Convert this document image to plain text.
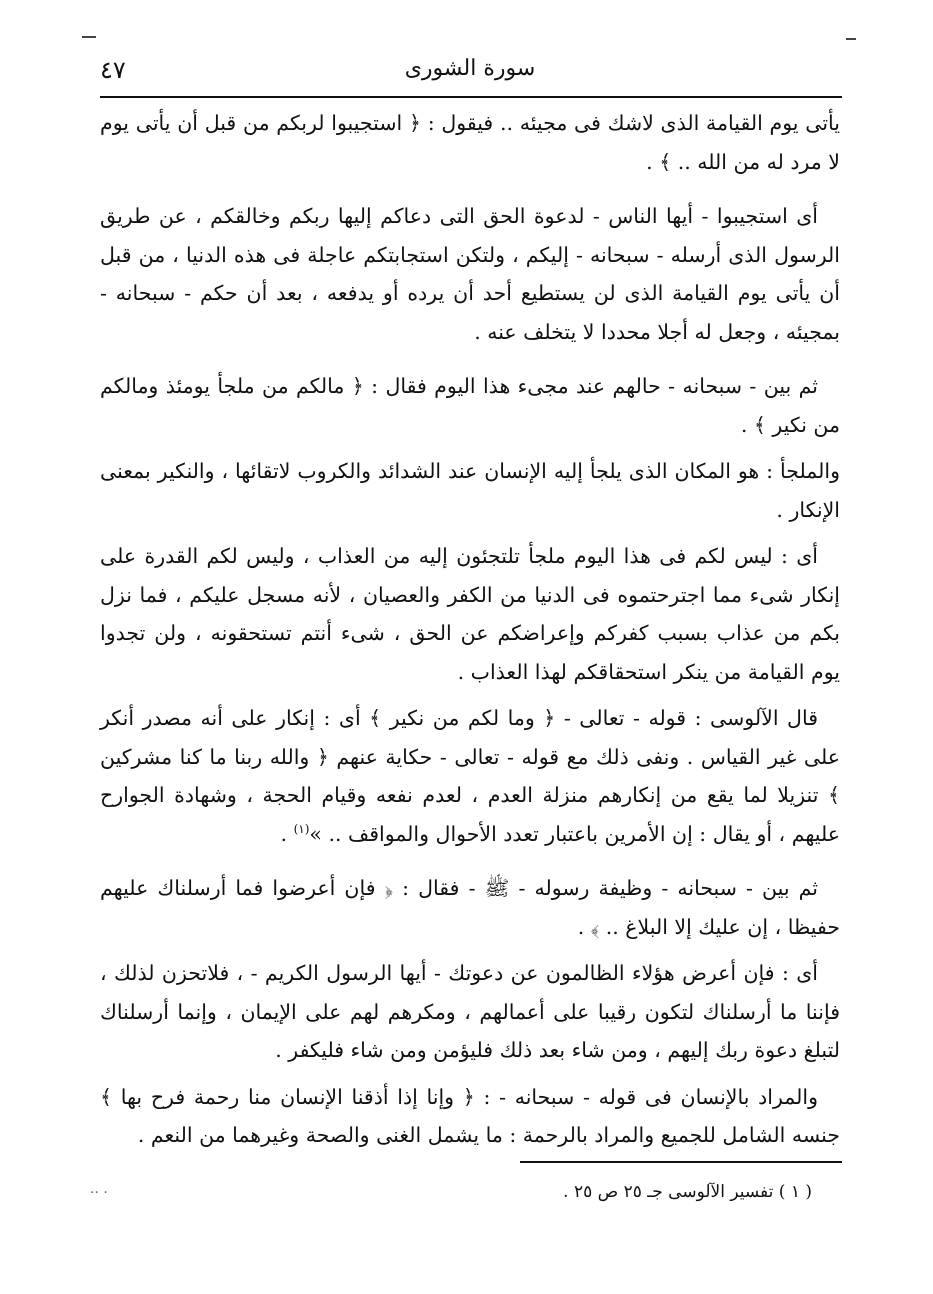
سورة الشورى
٤٧

يأتى يوم القيامة الذى لاشك فى مجيئه .. فيقول : ﴿ استجيبوا لربكم من قبل أن يأتى يوم لا مرد له من الله .. ﴾ .

أى استجيبوا - أيها الناس - لدعوة الحق التى دعاكم إليها ربكم وخالقكم ، عن طريق الرسول الذى أرسله - سبحانه - إليكم ، ولتكن استجابتكم عاجلة فى هذه الدنيا ، من قبل أن يأتى يوم القيامة الذى لن يستطيع أحد أن يرده أو يدفعه ، بعد أن حكم - سبحانه - بمجيئه ، وجعل له أجلا محددا لا يتخلف عنه .

ثم بين - سبحانه - حالهم عند مجىء هذا اليوم فقال : ﴿ مالكم من ملجأ يومئذ ومالكم من نكير ﴾ .

والملجأ : هو المكان الذى يلجأ إليه الإنسان عند الشدائد والكروب لاتقائها ، والنكير بمعنى الإنكار .

أى : ليس لكم فى هذا اليوم ملجأ تلتجئون إليه من العذاب ، وليس لكم القدرة على إنكار شىء مما اجترحتموه فى الدنيا من الكفر والعصيان ، لأنه مسجل عليكم ، فما نزل بكم من عذاب بسبب كفركم وإعراضكم عن الحق ، شىء أنتم تستحقونه ، ولن تجدوا يوم القيامة من ينكر استحقاقكم لهذا العذاب .

قال الآلوسى : قوله - تعالى - ﴿ وما لكم من نكير ﴾ أى : إنكار على أنه مصدر أنكر على غير القياس . ونفى ذلك مع قوله - تعالى - حكاية عنهم ﴿ والله ربنا ما كنا مشركين ﴾ تنزيلا لما يقع من إنكارهم منزلة العدم ، لعدم نفعه وقيام الحجة ، وشهادة الجوارح عليهم ، أو يقال : إن الأمرين باعتبار تعدد الأحوال والمواقف .. »$^{(١)}$ .

ثم بين - سبحانه - وظيفة رسوله - ﷺ - فقال : ﴿ فإن أعرضوا فما أرسلناك عليهم حفيظا ، إن عليك إلا البلاغ .. ﴾ .

أى : فإن أعرض هؤلاء الظالمون عن دعوتك - أيها الرسول الكريم - ، فلاتحزن لذلك ، فإننا ما أرسلناك لتكون رقيبا على أعمالهم ، ومكرهم لهم على الإيمان ، وإنما أرسلناك لتبلغ دعوة ربك إليهم ، ومن شاء بعد ذلك فليؤمن ومن شاء فليكفر .

والمراد بالإنسان فى قوله - سبحانه - : ﴿ وإنا إذا أذقنا الإنسان منا رحمة فرح بها ﴾ جنسه الشامل للجميع والمراد بالرحمة : ما يشمل الغنى والصحة وغيرهما من النعم .

( ١ ) تفسير الآلوسى جـ ٢٥ ص ٢٥ .
·· ·
